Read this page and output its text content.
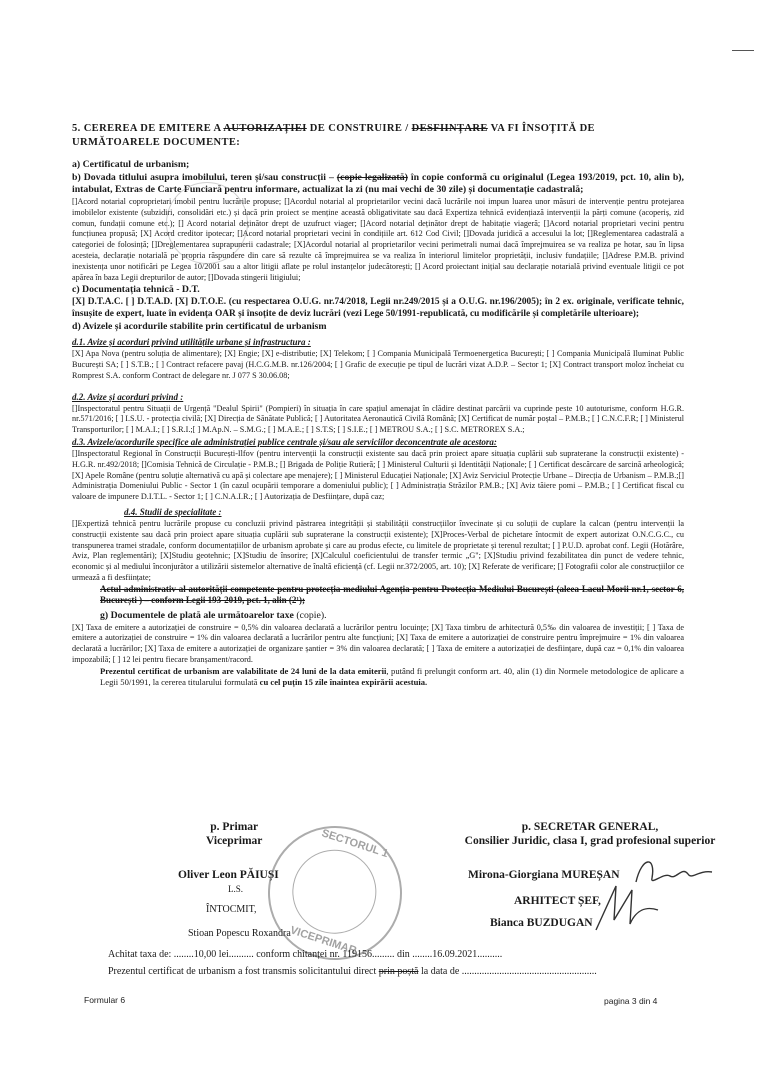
5. CEREREA DE EMITERE A AUTORIZAȚIEI DE CONSTRUIRE / DESFIINȚARE VA FI ÎNSOȚITĂ DE URMĂTOARELE DOCUMENTE:
a) Certificatul de urbanism;
b) Dovada titlului asupra imobilului, teren și/sau construcții – (copie legalizată) în copie conformă cu originalul (Legea 193/2019, pct. 10, alin b), intabulat, Extras de Carte Funciară pentru informare, actualizat la zi (nu mai vechi de 30 zile) și documentație cadastrală;

[]Acord notarial coproprietari imobil pentru lucrările propuse; []Acordul notarial al proprietarilor vecini dacă lucrările noi impun luarea unor măsuri de intervenție pentru protejarea imobilelor existente (subzidiri, consolidări etc.) și dacă prin proiect se menține această obligativitate sau dacă Expertiza tehnică evidențiază intervenții la părți comune (acoperiș, zid comun, fundații comune etc.); [] Acord notarial deținător drept de uzufruct viager; []Acord notarial deținător drept de habitație viageră; []Acord notarial proprietari vecini pentru funcțiunea propusă; [X] Acord creditor ipotecar; []Acord notarial proprietari vecini în condițiile art. 612 Cod Civil; []Dovada juridică a accesului la lot; []Reglementarea cadastrală a categoriei de folosință; []Dreglementarea suprapunerii cadastrale; [X]Acordul notarial al proprietarilor vecini perimetrali numai dacă împrejmuirea se va realiza pe hotar, sau în lipsa acesteia, declarație notarială pe propria răspundere din care să rezulte că împrejmuirea se va realiza în interiorul limitelor proprietății, inclusiv fundațiile; []Adrese P.M.B. privind inexistența unor notificări pe Legea 10/2001 sau a altor litigii aflate pe rolul instanțelor judecătorești; [] Acord proiectant inițial sau declarație notarială privind eventuale litigii ce pot apărea în baza Legii drepturilor de autor; []Dovada stingerii litigiului;

c) Documentația tehnică - D.T.
[X] D.T.A.C. [ ] D.T.A.D. [X] D.T.O.E. (cu respectarea O.U.G. nr.74/2018, Legii nr.249/2015 și a O.U.G. nr.196/2005); în 2 ex. originale, verificate tehnic, însușite de expert, luate în evidența OAR și însoțite de deviz lucrări (vezi Lege 50/1991-republicată, cu modificările și completările ulterioare);
d) Avizele și acordurile stabilite prin certificatul de urbanism
d.1. Avize și acorduri privind utilitățile urbane și infrastructura :

[X] Apa Nova (pentru soluția de alimentare); [X] Engie; [X] e-distributie; [X] Telekom; [ ] Compania Municipală Termoenergetica București; [ ] Compania Municipală Iluminat Public București SA; [ ] S.T.B.; [ ] Contract refacere pavaj (H.C.G.M.B. nr.126/2004; [ ] Grafic de execuție pe tipul de lucrări vizat A.D.P. – Sector 1; [X] Contract transport moloz încheiat cu Romprest S.A. conform Contract de delegare nr. J 077 S 30.06.08;

d.2. Avize și acorduri privind :

[]Inspectoratul pentru Situații de Urgență "Dealul Spirii" (Pompieri) în situația în care spațiul amenajat în clădire destinat parcării va cuprinde peste 10 autoturisme, conform H.G.R. nr.571/2016; [ ] I.S.U. - protecția civilă; [X] Direcția de Sănătate Publică; [ ] Autoritatea Aeronautică Civilă Română; [X] Certificat de număr poștal – P.M.B.; [ ] C.N.C.F.R; [ ] Ministerul Transporturilor; [ ] M.A.I.; [ ] S.R.I.;[ ] M.Ap.N. – S.M.G.; [ ] M.A.E.; [ ] S.T.S; [ ] S.I.E.; [ ] METROU S.A.; [ ] S.C. METROREX S.A.;

d.3. Avizele/acordurile specifice ale administrației publice centrale și/sau ale serviciilor deconcentrate ale acestora:

[]Inspectoratul Regional în Construcții București-Ilfov (pentru intervenții la construcții existente sau dacă prin proiect apare situația cuplării sub supraterane la construcții existente) - H.G.R. nr.492/2018; []Comisia Tehnică de Circulație - P.M.B.; [] Brigada de Poliție Rutieră; [ ] Ministerul Culturii și Identității Naționale; [ ] Certificat descărcare de sarcină arheologică; [X] Apele Române (pentru soluție alternativă cu apă și colectare ape menajere); [ ] Ministerul Educației Naționale; [X] Aviz Serviciul Protecție Urbane – Direcția de Urbanism – P.M.B.;[] Administrația Domeniului Public - Sector 1 (în cazul ocupării temporare a domeniului public); [ ] Administrația Străzilor P.M.B.; [X] Aviz tăiere pomi – P.M.B.; [ ] Certificat fiscal cu valoare de impunere D.I.T.L. - Sector 1; [ ] C.N.A.I.R.; [ ] Autorizația de Desființare, după caz;

d.4. Studii de specialitate :

[]Expertiză tehnică pentru lucrările propuse cu concluzii privind păstrarea integrității și stabilității construcțiilor învecinate și cu soluții de cuplare la calcan (pentru intervenții la construcții existente sau dacă prin proiect apare situația cuplării sub supraterane la construcții existente); [X]Proces-Verbal de pichetare întocmit de expert autorizat O.N.C.G.C., cu transpunerea tramei stradale, conform documentațiilor de urbanism aprobate și care au produs efecte, cu limitele de proprietate și terenul rezultat; [ ] P.U.D. aprobat conf. Legii (Hotărâre, Aviz, Plan reglementări); [X]Studiu geotehnic; [X]Studiu de însorire; [X]Calculul coeficientului de transfer termic „G"; [X]Studiu privind fezabilitatea din punct de vedere tehnic, economic și al mediului înconjurător a utilizării sistemelor alternative de înaltă eficiență (cf. Legii nr.372/2005, art. 10); [X] Referate de verificare; [] Fotografii color ale construcțiilor ce urmează a fi desființate;

Actul administrativ al autorității competente pentru protecția mediului Agenția pentru Protecția Mediului București (aleea Lacul Morii nr.1, sector 6, București ) – conform Legii 193-2019, pct. 1, alin (2¹);
g) Documentele de plată ale următoarelor taxe (copie).

[X] Taxa de emitere a autorizației de construire = 0,5% din valoarea declarată a lucrărilor pentru locuințe; [X] Taxa timbru de arhitectură 0,5‰ din valoarea de investiții; [ ] Taxa de emitere a autorizației de construire = 1% din valoarea declarată a lucrărilor pentru alte funcțiuni; [X] Taxa de emitere a autorizației de construire pentru împrejmuire = 1% din valoarea declarată a lucrărilor; [X] Taxa de emitere a autorizației de organizare șantier = 3% din valoarea declarată; [ ] Taxa de emitere a autorizației de desființare, după caz = 0,1% din valoarea impozabilă; [ ] 12 lei pentru fiecare branșament/racord.

Prezentul certificat de urbanism are valabilitate de 24 luni de la data emiterii, putând fi prelungit conform art. 40, alin (1) din Normele metodologice de aplicare a Legii 50/1991, la cererea titularului formulată cu cel puțin 15 zile înaintea expirării acestuia.
p. Primar
Viceprimar
p. SECRETAR GENERAL,
Consilier Juridic, clasa I, grad profesional superior
Oliver Leon PĂIUȘI
L.S.
Mirona-Giorgiana MUREȘAN
ARHITECT ȘEF,
ÎNTOCMIT,
Bianca BUZDUGAN
Stioan Popescu Roxandra
SECTORUL 1
VICEPRIMAR
Achitat taxa de: ........10,00 lei.......... conform chitanței nr. 119156......... din ........16.09.2021..........
Prezentul certificat de urbanism a fost transmis solicitantului direct prin poștă la data de ......................................................
Formular 6	pagina 3 din 4
